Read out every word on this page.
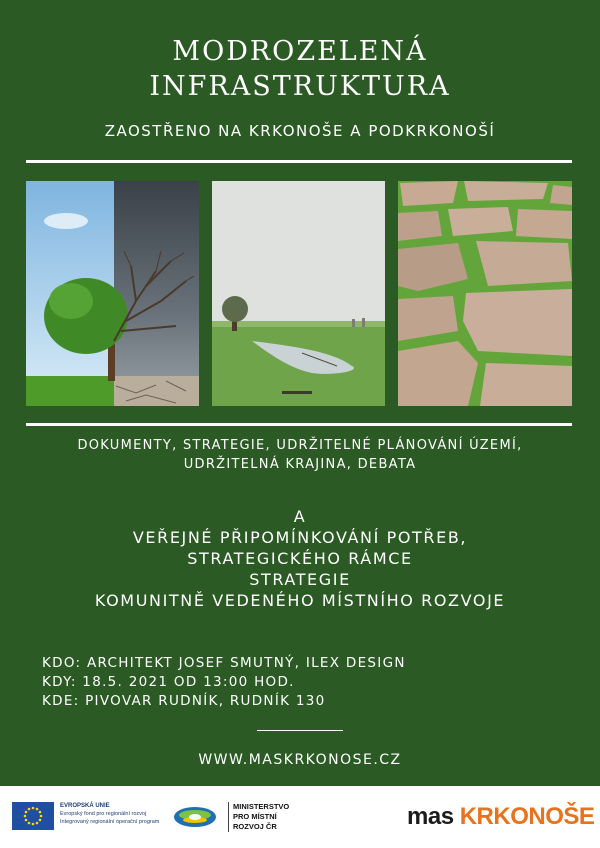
MODROZELENÁ
INFRASTRUKTURA
ZAOSTŘENO NA KRKONOŠE A PODKRKONOŠÍ
DOKUMENTY, STRATEGIE, UDRŽITELNÉ PLÁNOVÁNÍ ÚZEMÍ,
UDRŽITELNÁ KRAJINA, DEBATA
A
VEŘEJNÉ PŘIPOMÍNKOVÁNÍ POTŘEB,
STRATEGICKÉHO RÁMCE
STRATEGIE
KOMUNITNĚ VEDENÉHO MÍSTNÍHO ROZVOJE
KDO: ARCHITEKT JOSEF SMUTNÝ, ILEX DESIGN
KDY: 18.5. 2021 OD 13:00 HOD.
KDE: PIVOVAR RUDNÍK, RUDNÍK 130
WWW.MASKRKONOSE.CZ
EVROPSKÁ UNIE
Evropský fond pro regionální rozvoj
Integrovaný regionální operační program
MINISTERSTVO
PRO MÍSTNÍ
ROZVOJ ČR	mas KRKONOŠE
